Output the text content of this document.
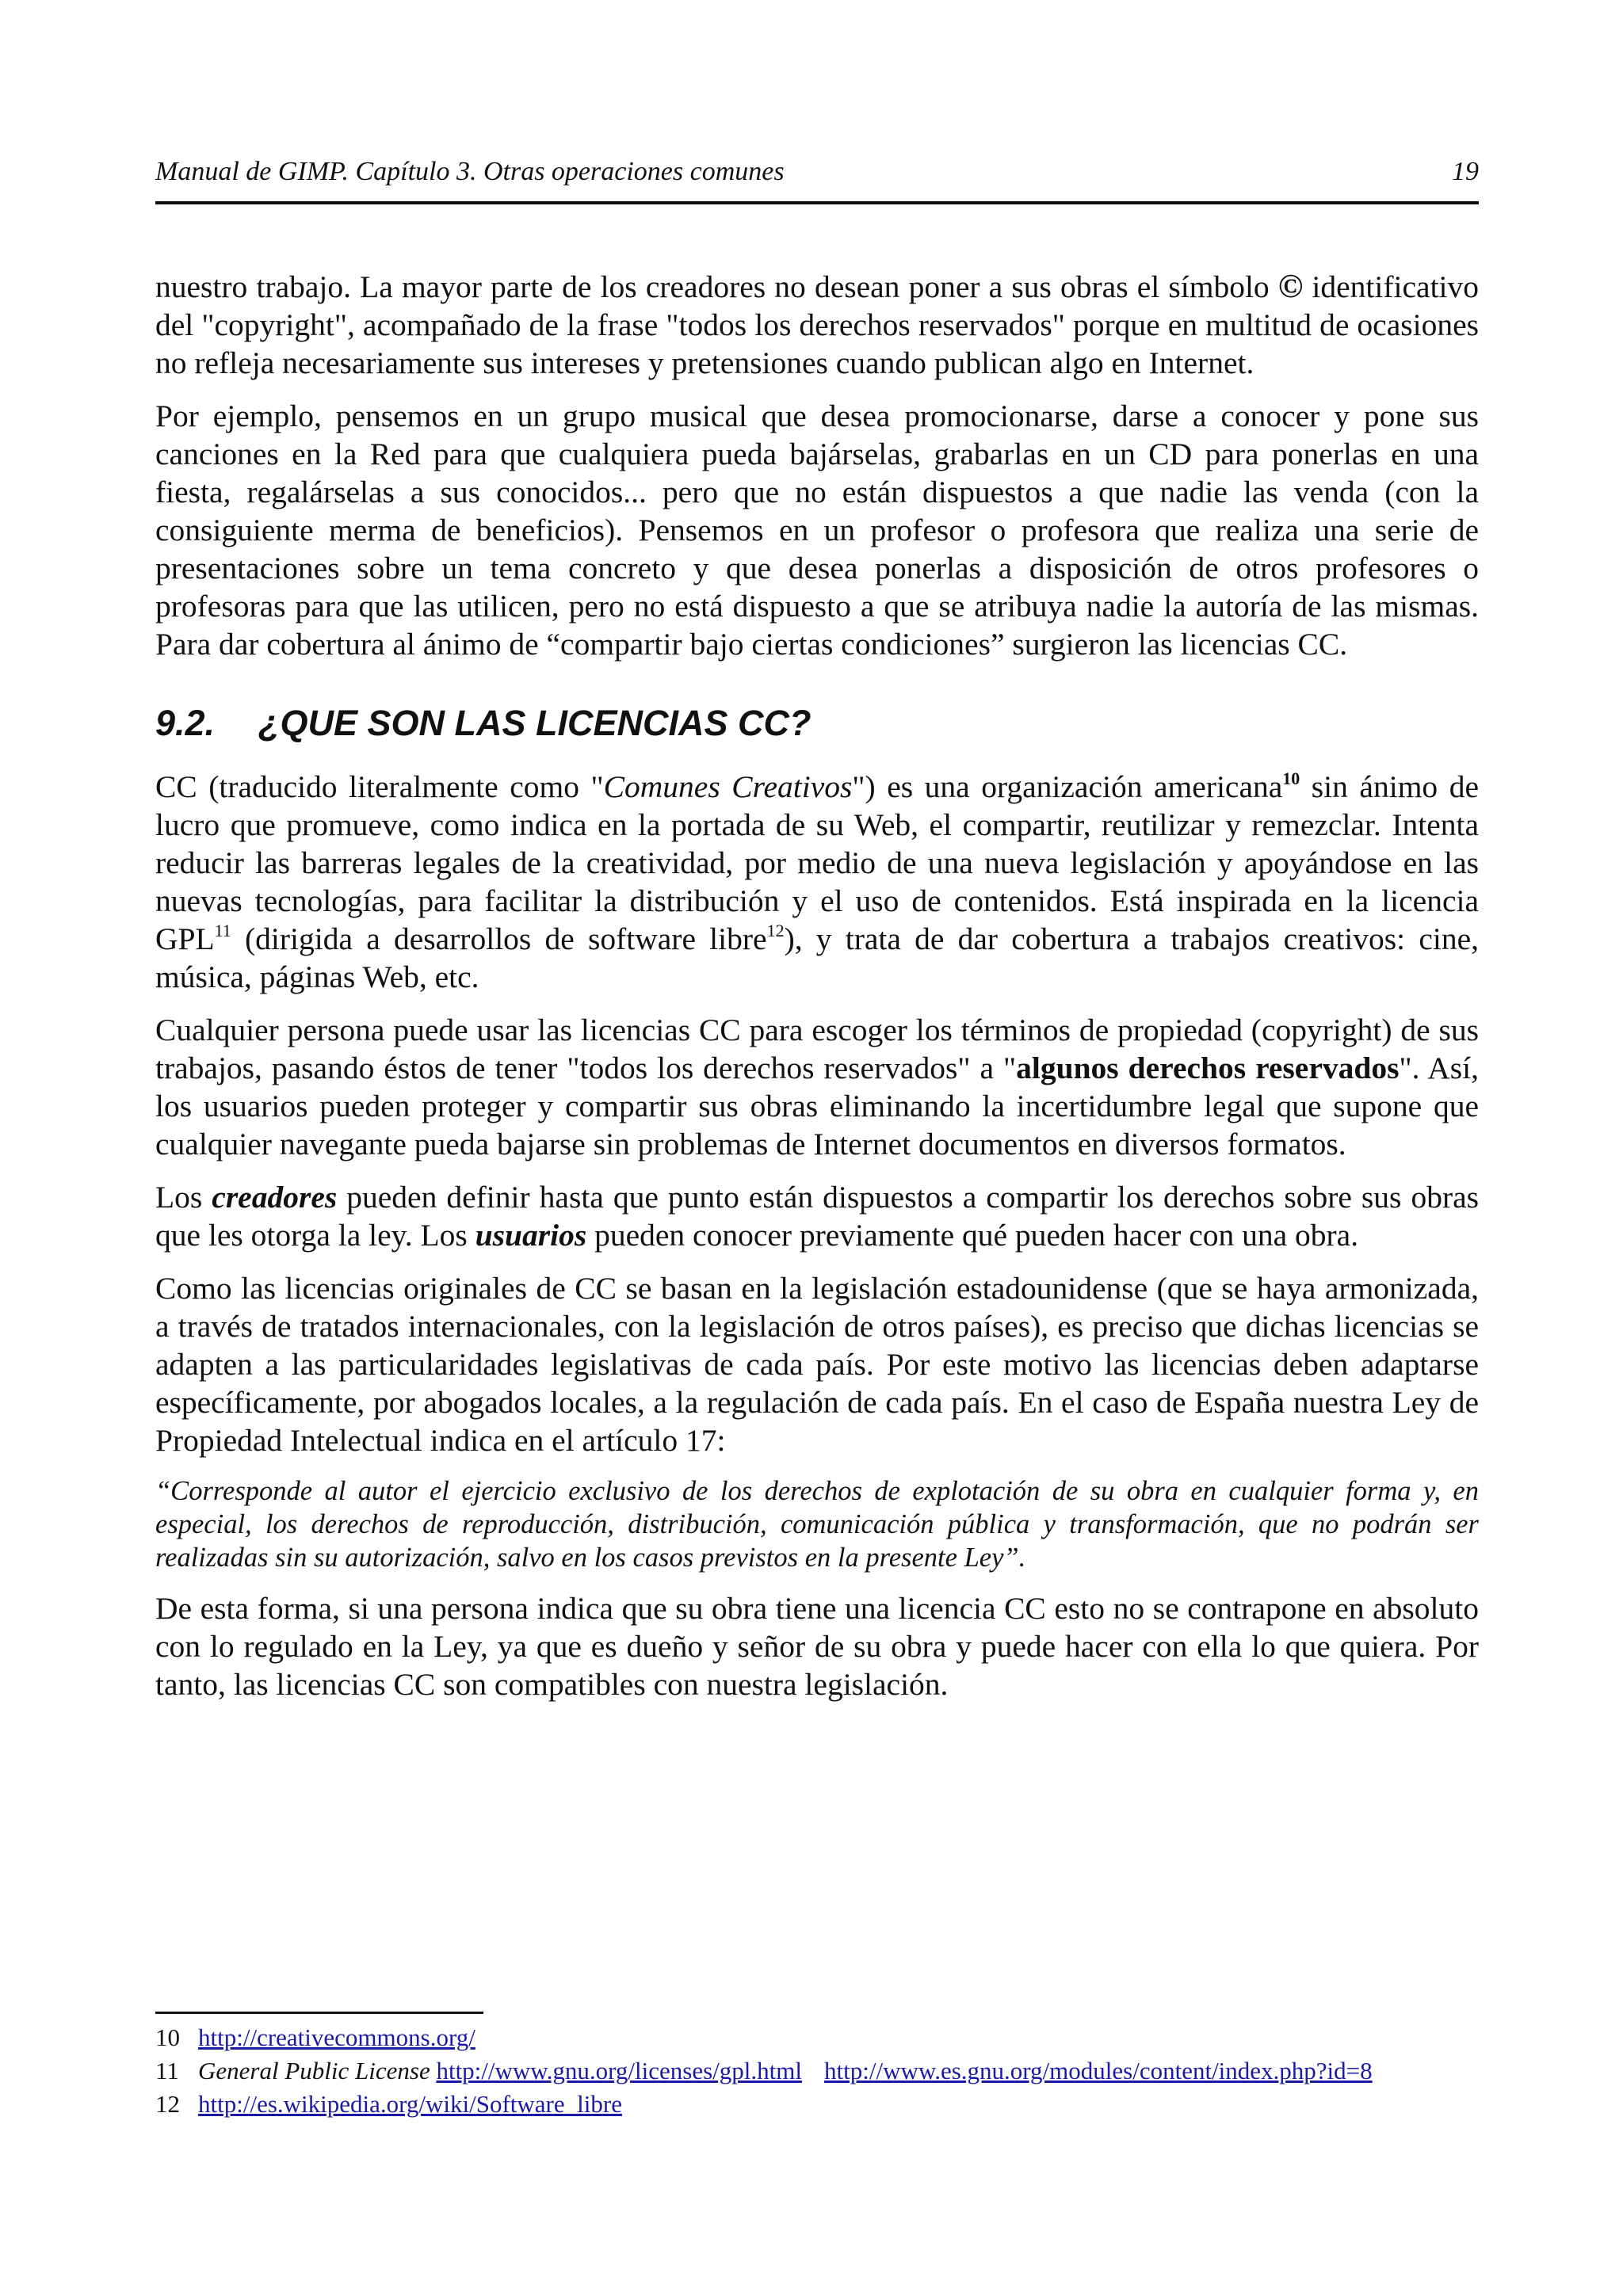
Manual de GIMP. Capítulo 3. Otras operaciones comunes	19

nuestro trabajo. La mayor parte de los creadores no desean poner a sus obras el símbolo © identificativo del "copyright", acompañado de la frase "todos los derechos reservados" porque en multitud de ocasiones no refleja necesariamente sus intereses y pretensiones cuando publican algo en Internet.

Por ejemplo, pensemos en un grupo musical que desea promocionarse, darse a conocer y pone sus canciones en la Red para que cualquiera pueda bajárselas, grabarlas en un CD para ponerlas en una fiesta, regalárselas a sus conocidos... pero que no están dispuestos a que nadie las venda (con la consiguiente merma de beneficios). Pensemos en un profesor o profesora que realiza una serie de presentaciones sobre un tema concreto y que desea ponerlas a disposición de otros profesores o profesoras para que las utilicen, pero no está dispuesto a que se atribuya nadie la autoría de las mismas. Para dar cobertura al ánimo de “compartir bajo ciertas condiciones” surgieron las licencias CC.

9.2. ¿QUE SON LAS LICENCIAS CC?

CC (traducido literalmente como "Comunes Creativos") es una organización americana$^{10}$ sin ánimo de lucro que promueve, como indica en la portada de su Web, el compartir, reutilizar y remezclar. Intenta reducir las barreras legales de la creatividad, por medio de una nueva legislación y apoyándose en las nuevas tecnologías, para facilitar la distribución y el uso de contenidos. Está inspirada en la licencia GPL$^{11}$ (dirigida a desarrollos de software libre$^{12}$), y trata de dar cobertura a trabajos creativos: cine, música, páginas Web, etc.

Cualquier persona puede usar las licencias CC para escoger los términos de propiedad (copyright) de sus trabajos, pasando éstos de tener "todos los derechos reservados" a "algunos derechos reservados". Así, los usuarios pueden proteger y compartir sus obras eliminando la incertidumbre legal que supone que cualquier navegante pueda bajarse sin problemas de Internet documentos en diversos formatos.

Los creadores pueden definir hasta que punto están dispuestos a compartir los derechos sobre sus obras que les otorga la ley. Los usuarios pueden conocer previamente qué pueden hacer con una obra.

Como las licencias originales de CC se basan en la legislación estadounidense (que se haya armonizada, a través de tratados internacionales, con la legislación de otros países), es preciso que dichas licencias se adapten a las particularidades legislativas de cada país. Por este motivo las licencias deben adaptarse específicamente, por abogados locales, a la regulación de cada país. En el caso de España nuestra Ley de Propiedad Intelectual indica en el artículo 17:

“Corresponde al autor el ejercicio exclusivo de los derechos de explotación de su obra en cualquier forma y, en especial, los derechos de reproducción, distribución, comunicación pública y transformación, que no podrán ser realizadas sin su autorización, salvo en los casos previstos en la presente Ley”.

De esta forma, si una persona indica que su obra tiene una licencia CC esto no se contrapone en absoluto con lo regulado en la Ley, ya que es dueño y señor de su obra y puede hacer con ella lo que quiera. Por tanto, las licencias CC son compatibles con nuestra legislación.

10 http://creativecommons.org/
11 General Public License http://www.gnu.org/licenses/gpl.html http://www.es.gnu.org/modules/content/index.php?id=8
12 http://es.wikipedia.org/wiki/Software_libre
